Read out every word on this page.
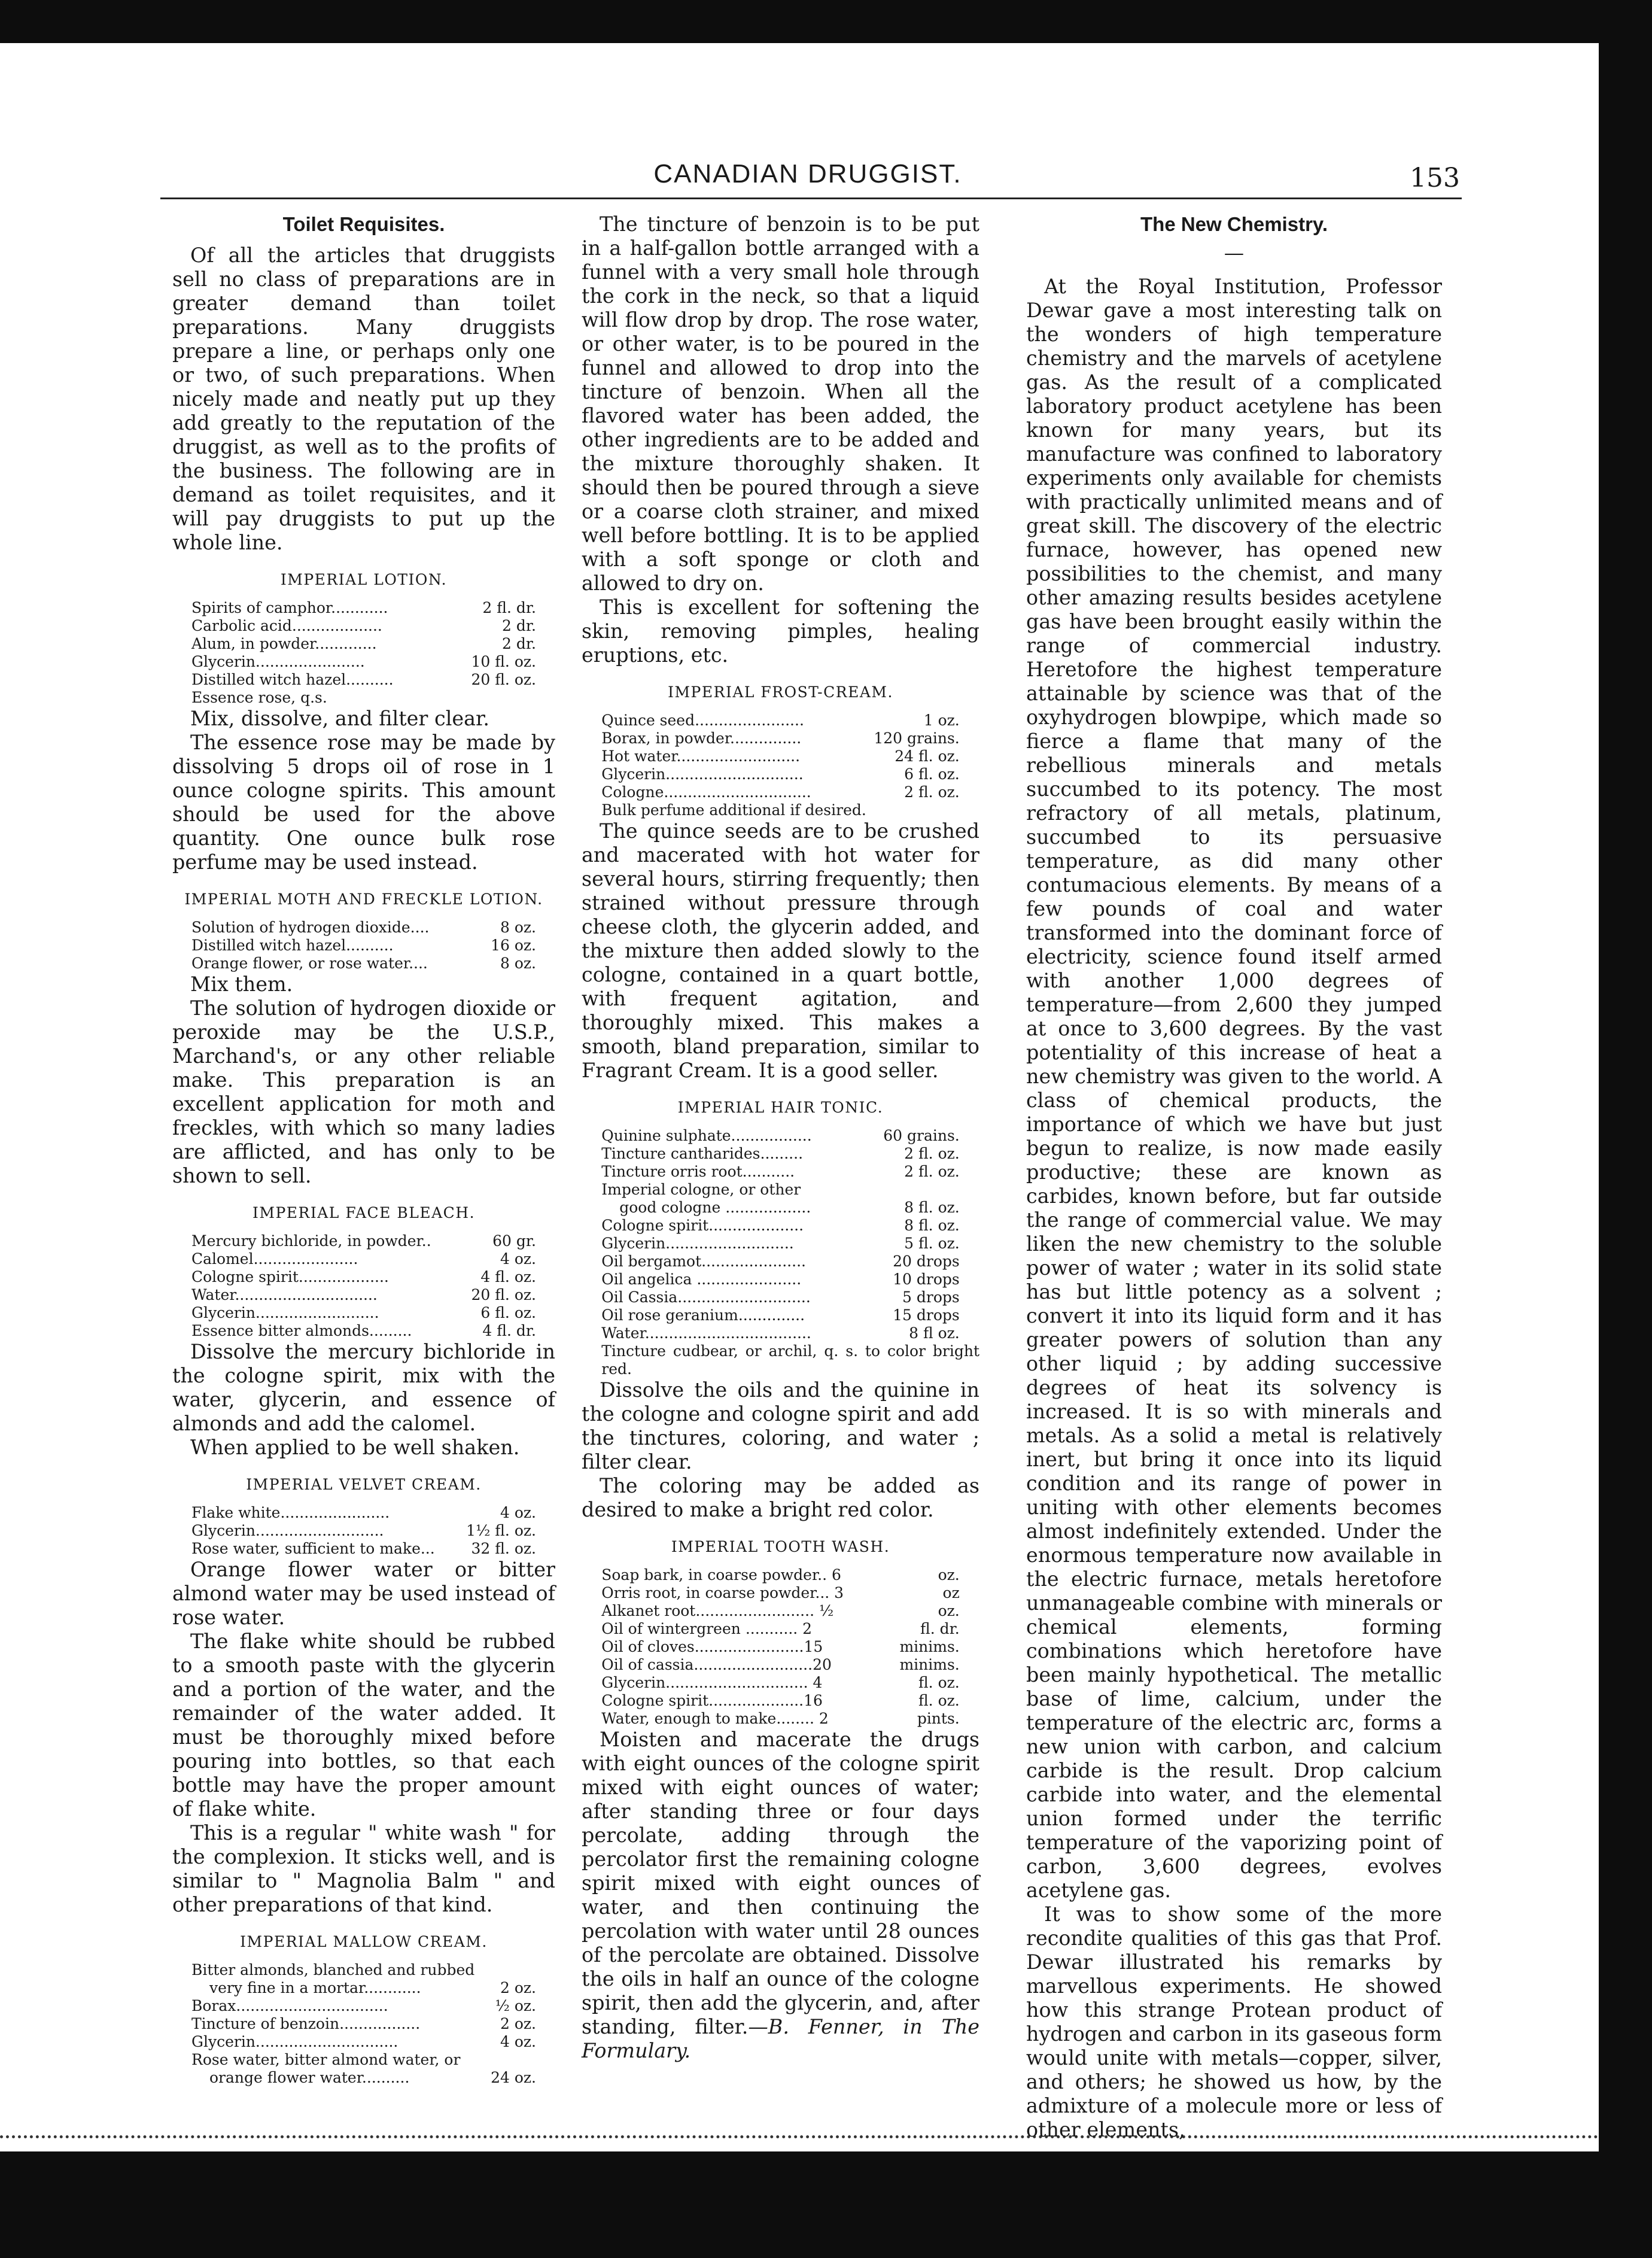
CANADIAN DRUGGIST.	153
Toilet Requisites.

Of all the articles that druggists sell no class of preparations are in greater demand than toilet preparations. Many druggists prepare a line, or perhaps only one or two, of such preparations. When nicely made and neatly put up they add greatly to the reputation of the druggist, as well as to the profits of the business. The following are in demand as toilet requisites, and it will pay druggists to put up the whole line.

IMPERIAL LOTION.
Spirits of camphor............	2 fl. dr.
Carbolic acid...................	2 dr.
Alum, in powder.............	2 dr.
Glycerin.......................	10 fl. oz.
Distilled witch hazel..........	20 fl. oz.
Essence rose, q.s.	

Mix, dissolve, and filter clear.

The essence rose may be made by dissolving 5 drops oil of rose in 1 ounce cologne spirits. This amount should be used for the above quantity. One ounce bulk rose perfume may be used instead.

IMPERIAL MOTH AND FRECKLE LOTION.
Solution of hydrogen dioxide....	8 oz.
Distilled witch hazel..........	16 oz.
Orange flower, or rose water....	8 oz.

Mix them.

The solution of hydrogen dioxide or peroxide may be the U.S.P., Marchand's, or any other reliable make. This preparation is an excellent application for moth and freckles, with which so many ladies are afflicted, and has only to be shown to sell.

IMPERIAL FACE BLEACH.
Mercury bichloride, in powder..	60 gr.
Calomel......................	4 oz.
Cologne spirit...................	4 fl. oz.
Water..............................	20 fl. oz.
Glycerin..........................	6 fl. oz.
Essence bitter almonds.........	4 fl. dr.

Dissolve the mercury bichloride in the cologne spirit, mix with the water, glycerin, and essence of almonds and add the calomel.

When applied to be well shaken.

IMPERIAL VELVET CREAM.
Flake white.......................	4 oz.
Glycerin...........................	1½ fl. oz.
Rose water, sufficient to make...	32 fl. oz.

Orange flower water or bitter almond water may be used instead of rose water.

The flake white should be rubbed to a smooth paste with the glycerin and a portion of the water, and the remainder of the water added. It must be thoroughly mixed before pouring into bottles, so that each bottle may have the proper amount of flake white.

This is a regular " white wash " for the complexion. It sticks well, and is similar to " Magnolia Balm " and other preparations of that kind.

IMPERIAL MALLOW CREAM.
Bitter almonds, blanched and rubbed	
very fine in a mortar............	2 oz.
Borax................................	½ oz.
Tincture of benzoin.................	2 oz.
Glycerin..............................	4 oz.
Rose water, bitter almond water, or	
orange flower water..........	24 oz.

The tincture of benzoin is to be put in a half-gallon bottle arranged with a funnel with a very small hole through the cork in the neck, so that a liquid will flow drop by drop. The rose water, or other water, is to be poured in the funnel and allowed to drop into the tincture of benzoin. When all the flavored water has been added, the other ingredients are to be added and the mixture thoroughly shaken. It should then be poured through a sieve or a coarse cloth strainer, and mixed well before bottling. It is to be applied with a soft sponge or cloth and allowed to dry on.

This is excellent for softening the skin, removing pimples, healing eruptions, etc.

IMPERIAL FROST-CREAM.
Quince seed.......................	1 oz.
Borax, in powder...............	120 grains.
Hot water..........................	24 fl. oz.
Glycerin.............................	6 fl. oz.
Cologne...............................	2 fl. oz.
Bulk perfume additional if desired.

The quince seeds are to be crushed and macerated with hot water for several hours, stirring frequently; then strained without pressure through cheese cloth, the glycerin added, and the mixture then added slowly to the cologne, contained in a quart bottle, with frequent agitation, and thoroughly mixed. This makes a smooth, bland preparation, similar to Fragrant Cream. It is a good seller.

IMPERIAL HAIR TONIC.
Quinine sulphate.................	60 grains.
Tincture cantharides.........	2 fl. oz.
Tincture orris root...........	2 fl. oz.
Imperial cologne, or other	
good cologne ..................	8 fl. oz.
Cologne spirit....................	8 fl. oz.
Glycerin...........................	5 fl. oz.
Oil bergamot......................	20 drops
Oil angelica ......................	10 drops
Oil Cassia............................	5 drops
Oil rose geranium..............	15 drops
Water...................................	8 fl oz.
Tincture cudbear, or archil, q. s. to color bright red.

Dissolve the oils and the quinine in the cologne and cologne spirit and add the tinctures, coloring, and water ; filter clear.

The coloring may be added as desired to make a bright red color.

IMPERIAL TOOTH WASH.
Soap bark, in coarse powder.. 6	oz.
Orris root, in coarse powder... 3	oz
Alkanet root......................... ½	oz.
Oil of wintergreen ........... 2	fl. dr.
Oil of cloves.......................15	minims.
Oil of cassia.........................20	minims.
Glycerin.............................. 4	fl. oz.
Cologne spirit....................16	fl. oz.
Water, enough to make........ 2	pints.

Moisten and macerate the drugs with eight ounces of the cologne spirit mixed with eight ounces of water; after standing three or four days percolate, adding through the percolator first the remaining cologne spirit mixed with eight ounces of water, and then continuing the percolation with water until 28 ounces of the percolate are obtained. Dissolve the oils in half an ounce of the cologne spirit, then add the glycerin, and, after standing, filter.—B. Fenner, in The Formulary.

The New Chemistry.
—

At the Royal Institution, Professor Dewar gave a most interesting talk on the wonders of high temperature chemistry and the marvels of acetylene gas. As the result of a complicated laboratory product acetylene has been known for many years, but its manufacture was confined to laboratory experiments only available for chemists with practically unlimited means and of great skill. The discovery of the electric furnace, however, has opened new possibilities to the chemist, and many other amazing results besides acetylene gas have been brought easily within the range of commercial industry. Heretofore the highest temperature attainable by science was that of the oxyhydrogen blowpipe, which made so fierce a flame that many of the rebellious minerals and metals succumbed to its potency. The most refractory of all metals, platinum, succumbed to its persuasive temperature, as did many other contumacious elements. By means of a few pounds of coal and water transformed into the dominant force of electricity, science found itself armed with another 1,000 degrees of temperature—from 2,600 they jumped at once to 3,600 degrees. By the vast potentiality of this increase of heat a new chemistry was given to the world. A class of chemical products, the importance of which we have but just begun to realize, is now made easily productive; these are known as carbides, known before, but far outside the range of commercial value. We may liken the new chemistry to the soluble power of water ; water in its solid state has but little potency as a solvent ; convert it into its liquid form and it has greater powers of solution than any other liquid ; by adding successive degrees of heat its solvency is increased. It is so with minerals and metals. As a solid a metal is relatively inert, but bring it once into its liquid condition and its range of power in uniting with other elements becomes almost indefinitely extended. Under the enormous temperature now available in the electric furnace, metals heretofore unmanageable combine with minerals or chemical elements, forming combinations which heretofore have been mainly hypothetical. The metallic base of lime, calcium, under the temperature of the electric arc, forms a new union with carbon, and calcium carbide is the result. Drop calcium carbide into water, and the elemental union formed under the terrific temperature of the vaporizing point of carbon, 3,600 degrees, evolves acetylene gas.

It was to show some of the more recondite qualities of this gas that Prof. Dewar illustrated his remarks by marvellous experiments. He showed how this strange Protean product of hydrogen and carbon in its gaseous form would unite with metals—copper, silver, and others; he showed us how, by the admixture of a molecule more or less of other elements,
